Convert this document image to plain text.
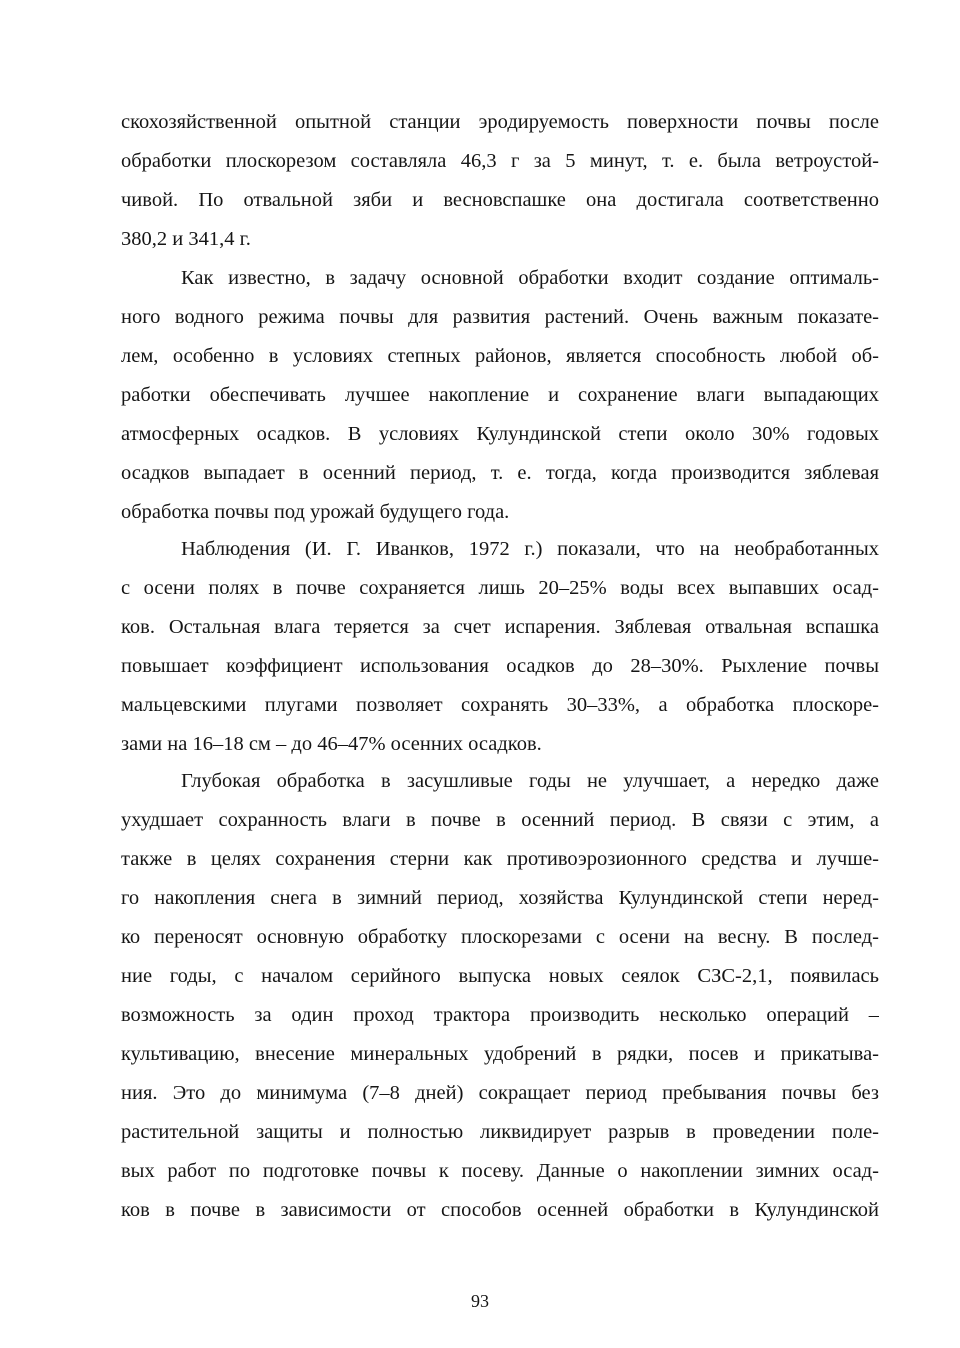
скохозяйственной опытной станции эродируемость поверхности почвы после
обработки плоскорезом составляла 46,3 г за 5 минут, т. е. была ветроустой-
чивой. По отвальной зяби и весновспашке она достигала соответственно
380,2 и 341,4 г.
Как известно, в задачу основной обработки входит создание оптималь-
ного водного режима почвы для развития растений. Очень важным показате-
лем, особенно в условиях степных районов, является способность любой об-
работки обеспечивать лучшее накопление и сохранение влаги выпадающих
атмосферных осадков. В условиях Кулундинской степи около 30% годовых
осадков выпадает в осенний период, т. е. тогда, когда производится зяблевая
обработка почвы под урожай будущего года.
Наблюдения (И. Г. Иванков, 1972 г.) показали, что на необработанных
с осени полях в почве сохраняется лишь 20–25% воды всех выпавших осад-
ков. Остальная влага теряется за счет испарения. Зяблевая отвальная вспашка
повышает коэффициент использования осадков до 28–30%. Рыхление почвы
мальцевскими плугами позволяет сохранять 30–33%, а обработка плоскоре-
зами на 16–18 см – до 46–47% осенних осадков.
Глубокая обработка в засушливые годы не улучшает, а нередко даже
ухудшает сохранность влаги в почве в осенний период. В связи с этим, а
также в целях сохранения стерни как противоэрозионного средства и лучше-
го накопления снега в зимний период, хозяйства Кулундинской степи неред-
ко переносят основную обработку плоскорезами с осени на весну. В послед-
ние годы, с началом серийного выпуска новых сеялок СЗС-2,1, появилась
возможность за один проход трактора производить несколько операций –
культивацию, внесение минеральных удобрений в рядки, посев и прикатыва-
ния. Это до минимума (7–8 дней) сокращает период пребывания почвы без
растительной защиты и полностью ликвидирует разрыв в проведении поле-
вых работ по подготовке почвы к посеву. Данные о накоплении зимних осад-
ков в почве в зависимости от способов осенней обработки в Кулундинской
93
